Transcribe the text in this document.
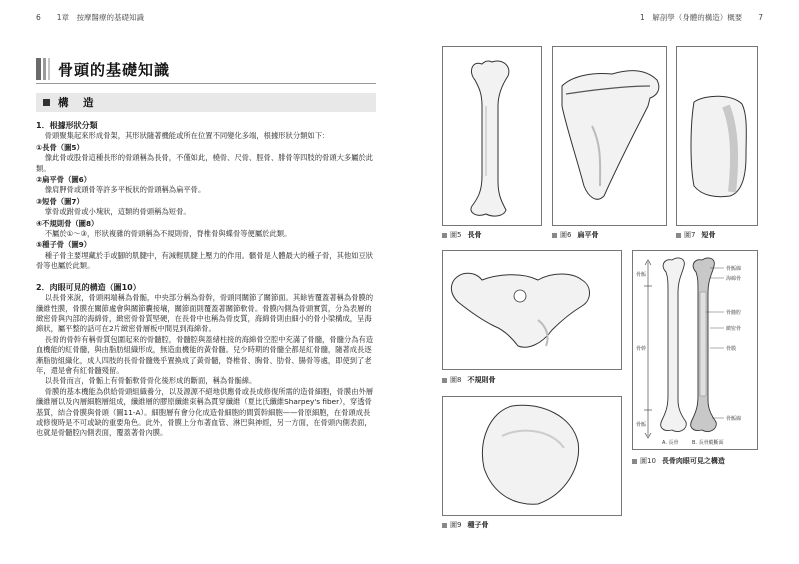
6 1章　按摩醫療的基礎知識
骨頭的基礎知識
構　造
1．根據形狀分類
骨頭聚集起來形成骨架，其形狀隨著機能或所在位置不同變化多端，根據形狀分類如下：
①長骨（圖5）
像此骨或股骨這種長形的骨頭稱為長骨，不僅如此，橈骨、尺骨、脛骨、腓骨等四肢的骨頭大多屬於此類。
②扁平骨（圖6）
像肩胛骨或頭骨等許多平板狀的骨頭稱為扁平骨。
③短骨（圖7）
掌骨或跗骨或小塊狀，這類的骨頭稱為短骨。
④不規則骨（圖8）
不屬於①～③，形狀複雜的骨頭稱為不規則骨，脊椎骨與蝶骨等便屬於此類。
⑤種子骨（圖9）
種子骨主要埋藏於手或腳的肌腱中，有減輕肌腱上壓力的作用。髕骨是人體最大的種子骨，其他如豆狀骨等也屬於此類。
2．肉眼可見的構造（圖10）
以長骨來說，骨頭兩端稱為骨骺，中央部分稱為骨幹，骨頭同關節了關節面。其餘皆覆蓋著稱為骨膜的纖維性膜，骨膜在關節處會與關節囊接壤，關節面則覆蓋著關節軟骨。骨膜內側為骨頭實質，分為表層的緻密骨與內部的海綿骨，緻密骨骨質堅硬，在長骨中也稱為骨皮質，海綿骨則由細小的骨小梁構成，呈海綿狀，屬平整的話可在2片緻密骨層板中間見到海綿骨。
長骨的骨幹有稱骨質包圍起來的骨髓腔，骨髓腔與蓋緒柱接的海綿骨空腔中充滿了骨髓，骨髓分為有造血機能的紅骨髓，與由脂肪組織形成，無造血機能的黃骨髓。兒少時期的骨髓全都是紅骨髓，隨著成長逐漸脂肪組織化，成人四肢的長骨骨髓幾乎置換成了黃骨髓，脊椎骨、胸骨、肋骨、腸骨等處，即使到了老年，還是會有紅骨髓殘留。
以長骨而言，骨骺上有骨骺軟骨骨化後形成的斷面，稱為骨骺線。
骨膜的基本機能為供給骨頭組織養分，以及源源不絕地供應骨或長成修復所需的造骨細胞，骨膜由外層纖維層以及內層細胞層組成，纖維層的膠原纖維束稱為貫穿纖維（夏比氏纖維Sharpey's fiber），穿透骨基質，結合骨膜與骨頭（圖11-A）。細胞層有會分化成造骨細胞的間質幹細胞——骨原細胞，在骨頭成長或修復時是不可或缺的重要角色。此外，骨膜上分布著血管、淋巴與神經，另一方面，在骨頭內側表面，也就是骨髓腔內側表面，覆蓋著骨內膜。
1　解剖學（身體的構造）概要 7
圖5 長骨	圖6 扁平骨	圖7 短骨
圖8 不規則骨
圖9 種子骨
骨骺
骨幹
骨骺
骨骺線
海綿骨
骨髓腔
緻密骨
骨膜
骨骺線
A. 長骨	B. 長骨縱斷面
圖10 長骨肉眼可見之構造
